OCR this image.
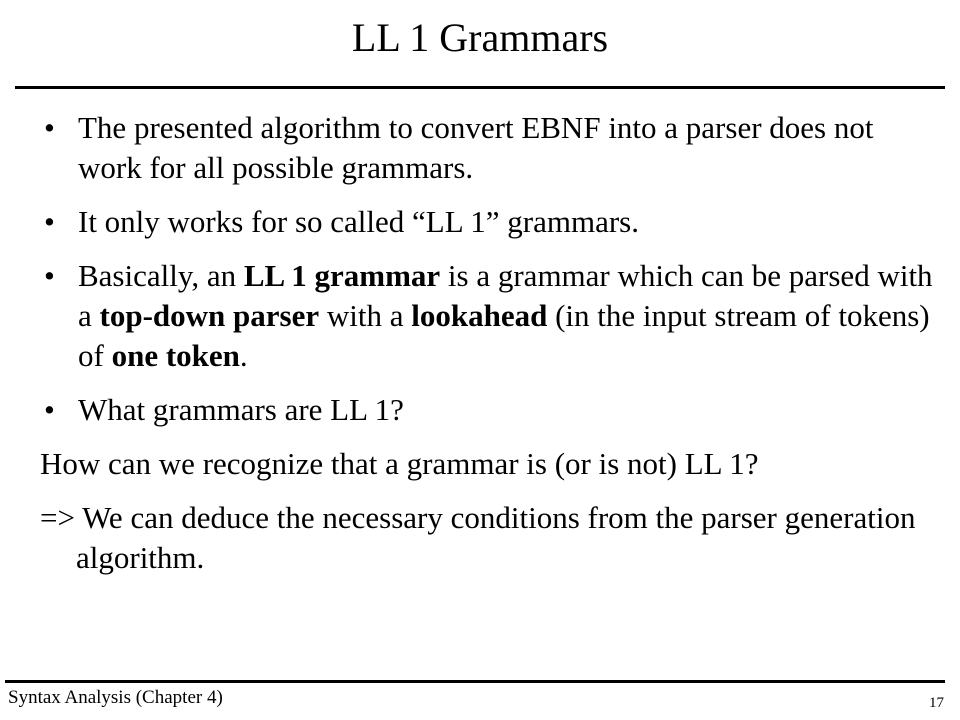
LL 1 Grammars
• The presented algorithm to convert EBNF into a parser does not work for all possible grammars.
• It only works for so called “LL 1” grammars.
• Basically, an LL 1 grammar is a grammar which can be parsed with a top-down parser with a lookahead (in the input stream of tokens) of one token.
• What grammars are LL 1?
How can we recognize that a grammar is (or is not) LL 1?
=> We can deduce the necessary conditions from the parser generation algorithm.
Syntax Analysis (Chapter 4)	17
